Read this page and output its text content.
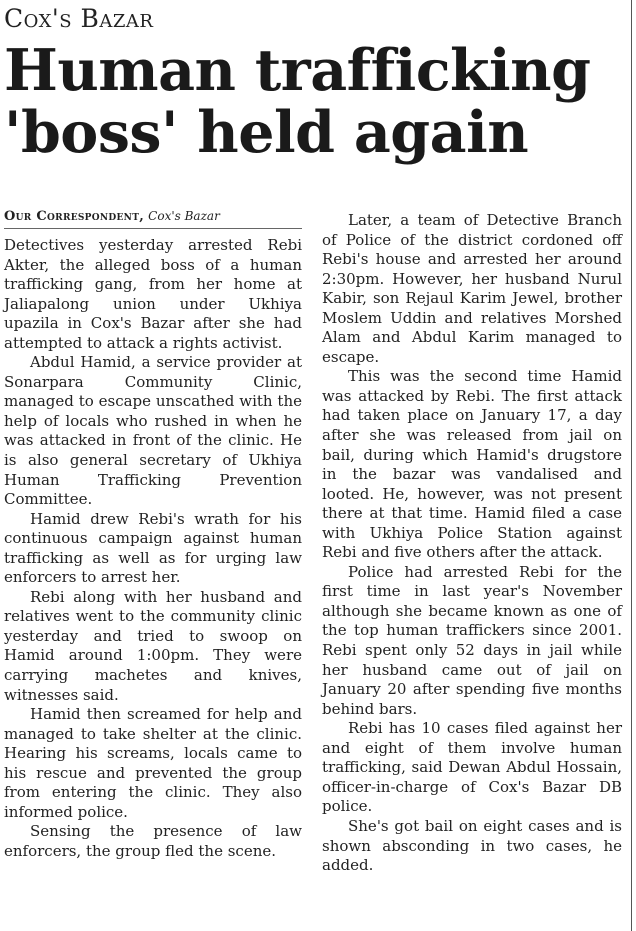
Cox's Bazar
Human trafficking 'boss' held again
Our Correspondent, Cox's Bazar

Detectives yesterday arrested Rebi Akter, the alleged boss of a human trafficking gang, from her home at Jaliapalong union under Ukhiya upazila in Cox's Bazar after she had attempted to attack a rights activist.

Abdul Hamid, a service provider at Sonarpara Community Clinic, managed to escape unscathed with the help of locals who rushed in when he was attacked in front of the clinic. He is also general secretary of Ukhiya Human Trafficking Prevention Committee.

Hamid drew Rebi's wrath for his continuous campaign against human trafficking as well as for urging law enforcers to arrest her.

Rebi along with her husband and relatives went to the community clinic yesterday and tried to swoop on Hamid around 1:00pm. They were carrying machetes and knives, witnesses said.

Hamid then screamed for help and managed to take shelter at the clinic. Hearing his screams, locals came to his rescue and prevented the group from entering the clinic. They also informed police.

Sensing the presence of law enforcers, the group fled the scene.

Later, a team of Detective Branch of Police of the district cordoned off Rebi's house and arrested her around 2:30pm. However, her husband Nurul Kabir, son Rejaul Karim Jewel, brother Moslem Uddin and relatives Morshed Alam and Abdul Karim managed to escape.

This was the second time Hamid was attacked by Rebi. The first attack had taken place on January 17, a day after she was released from jail on bail, during which Hamid's drugstore in the bazar was vandalised and looted. He, however, was not present there at that time. Hamid filed a case with Ukhiya Police Station against Rebi and five others after the attack.

Police had arrested Rebi for the first time in last year's November although she became known as one of the top human traffickers since 2001. Rebi spent only 52 days in jail while her husband came out of jail on January 20 after spending five months behind bars.

Rebi has 10 cases filed against her and eight of them involve human trafficking, said Dewan Abdul Hossain, officer-in-charge of Cox's Bazar DB police.

She's got bail on eight cases and is shown absconding in two cases, he added.
